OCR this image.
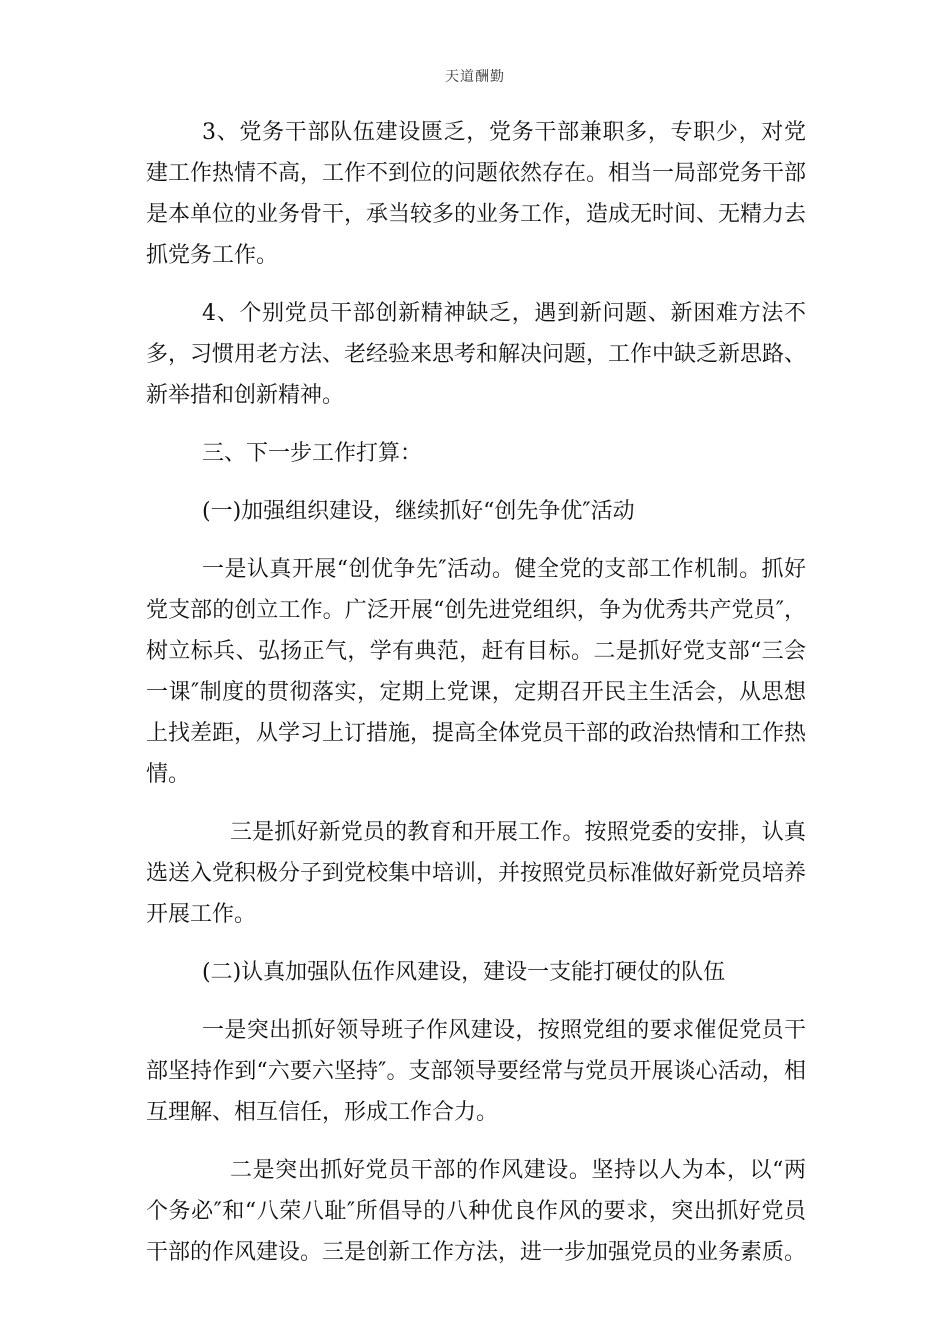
天道酬勤

3、党务干部队伍建设匮乏，党务干部兼职多，专职少，对党建工作热情不高，工作不到位的问题依然存在。相当一局部党务干部是本单位的业务骨干，承当较多的业务工作，造成无时间、无精力去抓党务工作。

4、个别党员干部创新精神缺乏，遇到新问题、新困难方法不多，习惯用老方法、老经验来思考和解决问题，工作中缺乏新思路、新举措和创新精神。

三、下一步工作打算：

(一)加强组织建设，继续抓好“创先争优″活动

一是认真开展“创优争先″活动。健全党的支部工作机制。抓好党支部的创立工作。广泛开展“创先进党组织，争为优秀共产党员″，树立标兵、弘扬正气，学有典范，赶有目标。二是抓好党支部“三会一课″制度的贯彻落实，定期上党课，定期召开民主生活会，从思想上找差距，从学习上订措施，提高全体党员干部的政治热情和工作热情。

三是抓好新党员的教育和开展工作。按照党委的安排，认真选送入党积极分子到党校集中培训，并按照党员标准做好新党员培养开展工作。

(二)认真加强队伍作风建设，建设一支能打硬仗的队伍

一是突出抓好领导班子作风建设，按照党组的要求催促党员干部坚持作到“六要六坚持″。支部领导要经常与党员开展谈心活动，相互理解、相互信任，形成工作合力。

二是突出抓好党员干部的作风建设。坚持以人为本，以“两个务必″和“八荣八耻″所倡导的八种优良作风的要求，突出抓好党员干部的作风建设。三是创新工作方法，进一步加强党员的业务素质。
